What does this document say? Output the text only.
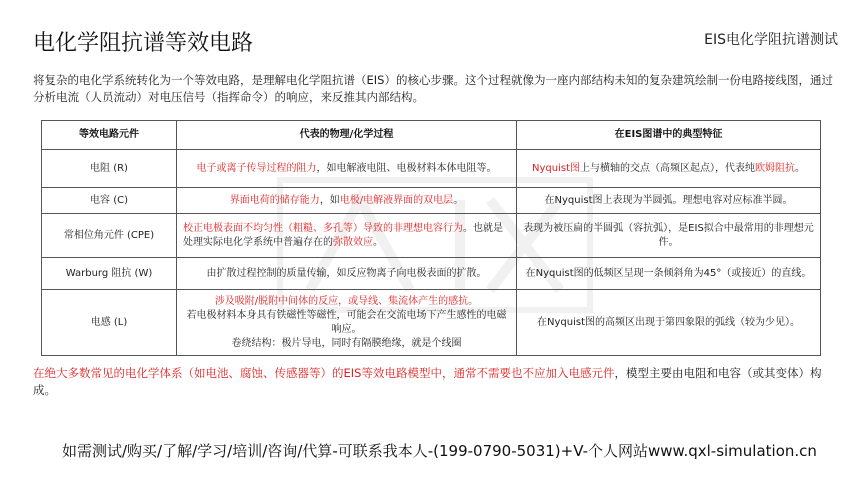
电化学阻抗谱等效电路	EIS电化学阻抗谱测试

将复杂的电化学系统转化为一个等效电路，是理解电化学阻抗谱（EIS）的核心步骤。这个过程就像为一座内部结构未知的复杂建筑绘制一份电路接线图，通过分析电流（人员流动）对电压信号（指挥命令）的响应，来反推其内部结构。

等效电路元件	代表的物理/化学过程	在EIS图谱中的典型特征
电阻 (R)	电子或离子传导过程的阻力，如电解液电阻、电极材料本体电阻等。	Nyquist图上与横轴的交点（高频区起点），代表纯欧姆阻抗。
电容 (C)	界面电荷的储存能力，如电极/电解液界面的双电层。	在Nyquist图上表现为半圆弧。理想电容对应标准半圆。
常相位角元件 (CPE)	校正电极表面不均匀性（粗糙、多孔等）导致的非理想电容行为。也就是处理实际电化学系统中普遍存在的弥散效应。	表现为被压扁的半圆弧（容抗弧），是EIS拟合中最常用的非理想元件。
Warburg 阻抗 (W)	由扩散过程控制的质量传输，如反应物离子向电极表面的扩散。	在Nyquist图的低频区呈现一条倾斜角为45°（或接近）的直线。
电感 (L)	涉及吸附/脱附中间体的反应，或导线、集流体产生的感抗。
若电极材料本身具有铁磁性等磁性，可能会在交流电场下产生感性的电磁响应。
卷绕结构：极片导电，同时有隔膜绝缘，就是个线圈	在Nyquist图的高频区出现于第四象限的弧线（较为少见）。
在绝大多数常见的电化学体系（如电池、腐蚀、传感器等）的EIS等效电路模型中，通常不需要也不应加入电感元件，模型主要由电阻和电容（或其变体）构成。
如需测试/购买/了解/学习/培训/咨询/代算-可联系我本人-(199-0790-5031)+V-个人网站www.qxl-simulation.cn
